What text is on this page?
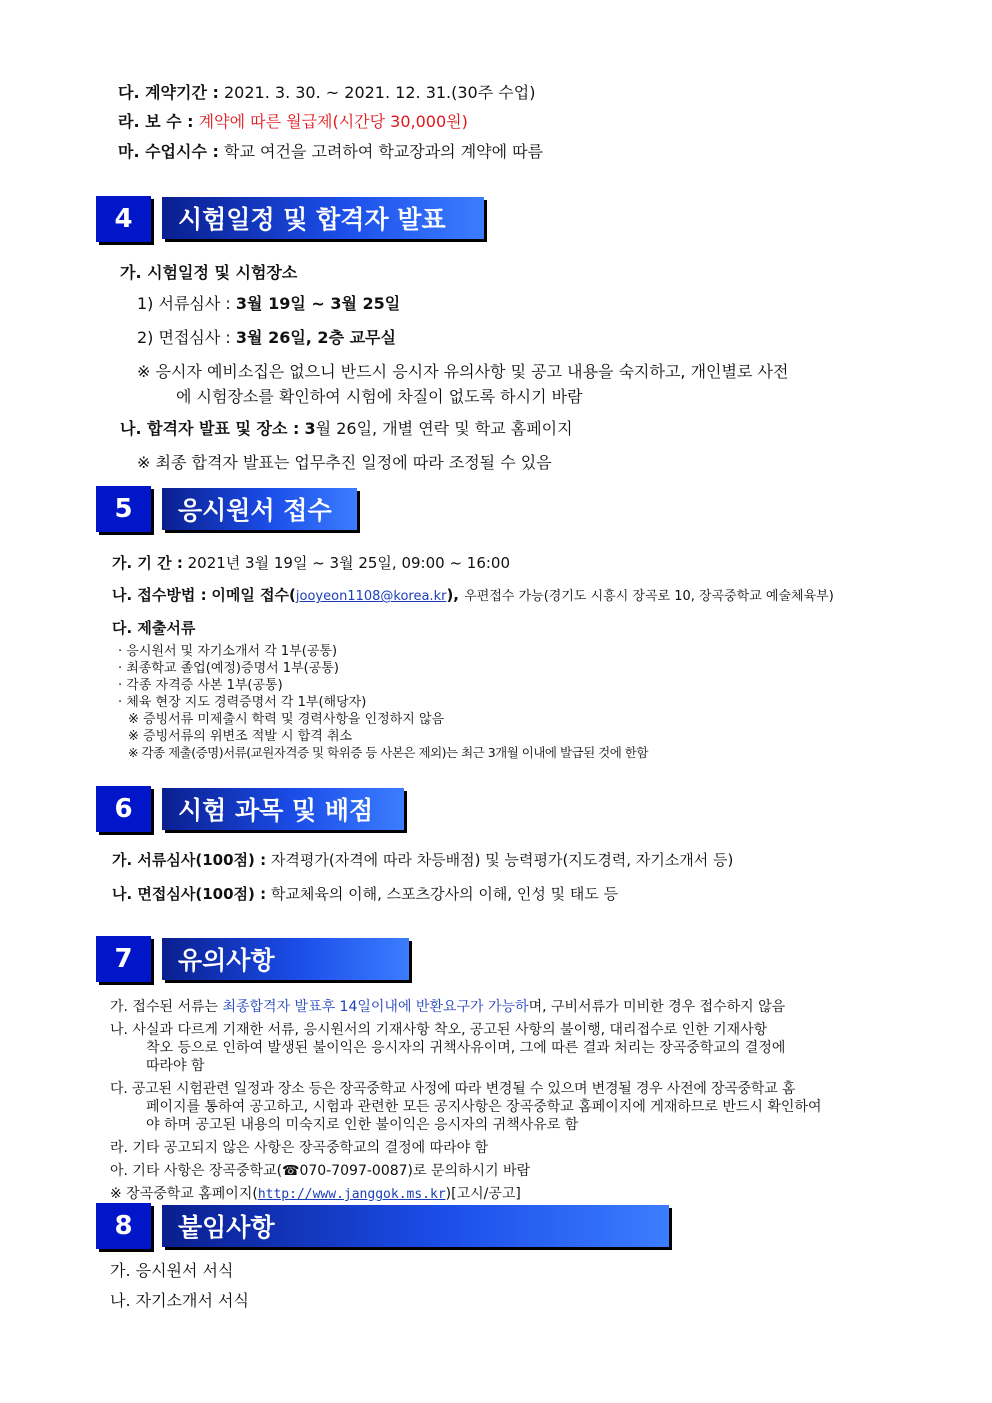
다. 계약기간 : 2021. 3. 30. ~ 2021. 12. 31.(30주 수업)
라. 보 수 : 계약에 따른 월급제(시간당 30,000원)
마. 수업시수 : 학교 여건을 고려하여 학교장과의 계약에 따름
4	시험일정 및 합격자 발표
가. 시험일정 및 시험장소
1) 서류심사 : 3월 19일 ~ 3월 25일
2) 면접심사 : 3월 26일, 2층 교무실
※ 응시자 예비소집은 없으니 반드시 응시자 유의사항 및 공고 내용을 숙지하고, 개인별로 사전
에 시험장소를 확인하여 시험에 차질이 없도록 하시기 바람
나. 합격자 발표 및 장소 : 3월 26일, 개별 연락 및 학교 홈페이지
※ 최종 합격자 발표는 업무추진 일정에 따라 조정될 수 있음
5	응시원서 접수
가. 기 간 : 2021년 3월 19일 ~ 3월 25일, 09:00 ~ 16:00
나. 접수방법 : 이메일 접수(jooyeon1108@korea.kr), 우편접수 가능(경기도 시흥시 장곡로 10, 장곡중학교 예술체육부)
다. 제출서류
· 응시원서 및 자기소개서 각 1부(공통)
· 최종학교 졸업(예정)증명서 1부(공통)
· 각종 자격증 사본 1부(공통)
· 체육 현장 지도 경력증명서 각 1부(해당자)
※ 증빙서류 미제출시 학력 및 경력사항을 인정하지 않음
※ 증빙서류의 위변조 적발 시 합격 취소
※ 각종 제출(증명)서류(교원자격증 및 학위증 등 사본은 제외)는 최근 3개월 이내에 발급된 것에 한함
6	시험 과목 및 배점
가. 서류심사(100점) : 자격평가(자격에 따라 차등배점) 및 능력평가(지도경력, 자기소개서 등)
나. 면접심사(100점) : 학교체육의 이해, 스포츠강사의 이해, 인성 및 태도 등
7	유의사항
가. 접수된 서류는 최종합격자 발표후 14일이내에 반환요구가 가능하며, 구비서류가 미비한 경우 접수하지 않음
나. 사실과 다르게 기재한 서류, 응시원서의 기재사항 착오, 공고된 사항의 불이행, 대리접수로 인한 기재사항
착오 등으로 인하여 발생된 불이익은 응시자의 귀책사유이며, 그에 따른 결과 처리는 장곡중학교의 결정에
따라야 함
다. 공고된 시험관련 일정과 장소 등은 장곡중학교 사정에 따라 변경될 수 있으며 변경될 경우 사전에 장곡중학교 홈
페이지를 통하여 공고하고, 시험과 관련한 모든 공지사항은 장곡중학교 홈페이지에 게재하므로 반드시 확인하여
야 하며 공고된 내용의 미숙지로 인한 불이익은 응시자의 귀책사유로 함
라. 기타 공고되지 않은 사항은 장곡중학교의 결정에 따라야 함
아. 기타 사항은 장곡중학교(☎070-7097-0087)로 문의하시기 바람
※ 장곡중학교 홈페이지(http://www.janggok.ms.kr)[고시/공고]
8	붙임사항
가. 응시원서 서식
나. 자기소개서 서식
